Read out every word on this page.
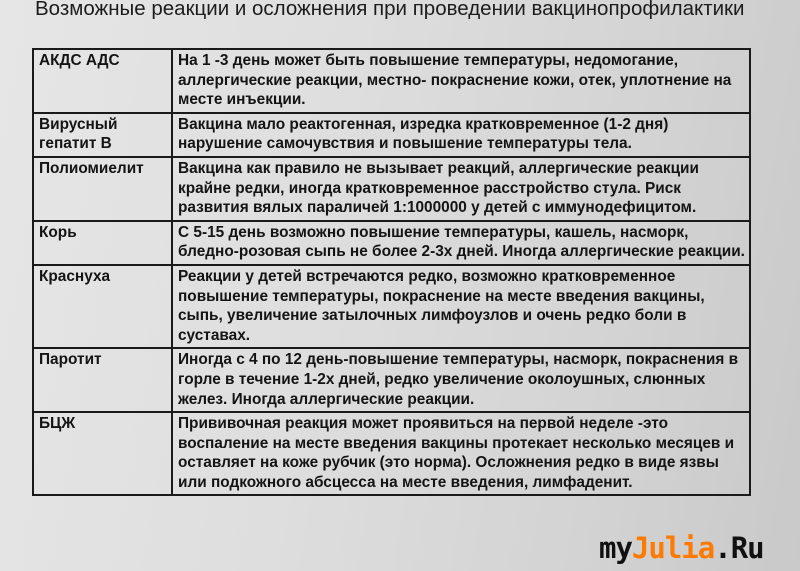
Возможные реакции и осложнения при проведении вакцинопрофилактики
АКДС АДС	На 1 -3 день может быть повышение температуры, недомогание, аллергические реакции, местно- покраснение кожи, отек, уплотнение на месте инъекции.
Вирусный гепатит В	Вакцина мало реактогенная, изредка кратковременное (1-2 дня) нарушение самочувствия и повышение температуры тела.
Полиомиелит	Вакцина как правило не вызывает реакций, аллергические реакции крайне редки, иногда кратковременное расстройство стула. Риск развития вялых параличей 1:1000000 у детей с иммунодефицитом.
Корь	С 5-15 день возможно повышение температуры, кашель, насморк, бледно-розовая сыпь не более 2-3х дней. Иногда аллергические реакции.
Краснуха	Реакции у детей встречаются редко, возможно кратковременное повышение температуры, покраснение на месте введения вакцины, сыпь, увеличение затылочных лимфоузлов и очень редко боли в суставах.
Паротит	Иногда с 4 по 12 день-повышение температуры, насморк, покраснения в горле в течение 1-2х дней, редко увеличение околоушных, слюнных желез. Иногда аллергические реакции.
БЦЖ	Прививочная реакция может проявиться на первой неделе -это воспаление на месте введения вакцины протекает несколько месяцев и оставляет на коже рубчик (это норма). Осложнения редко в виде язвы или подкожного абсцесса на месте введения, лимфаденит.
myJulia.Ru
